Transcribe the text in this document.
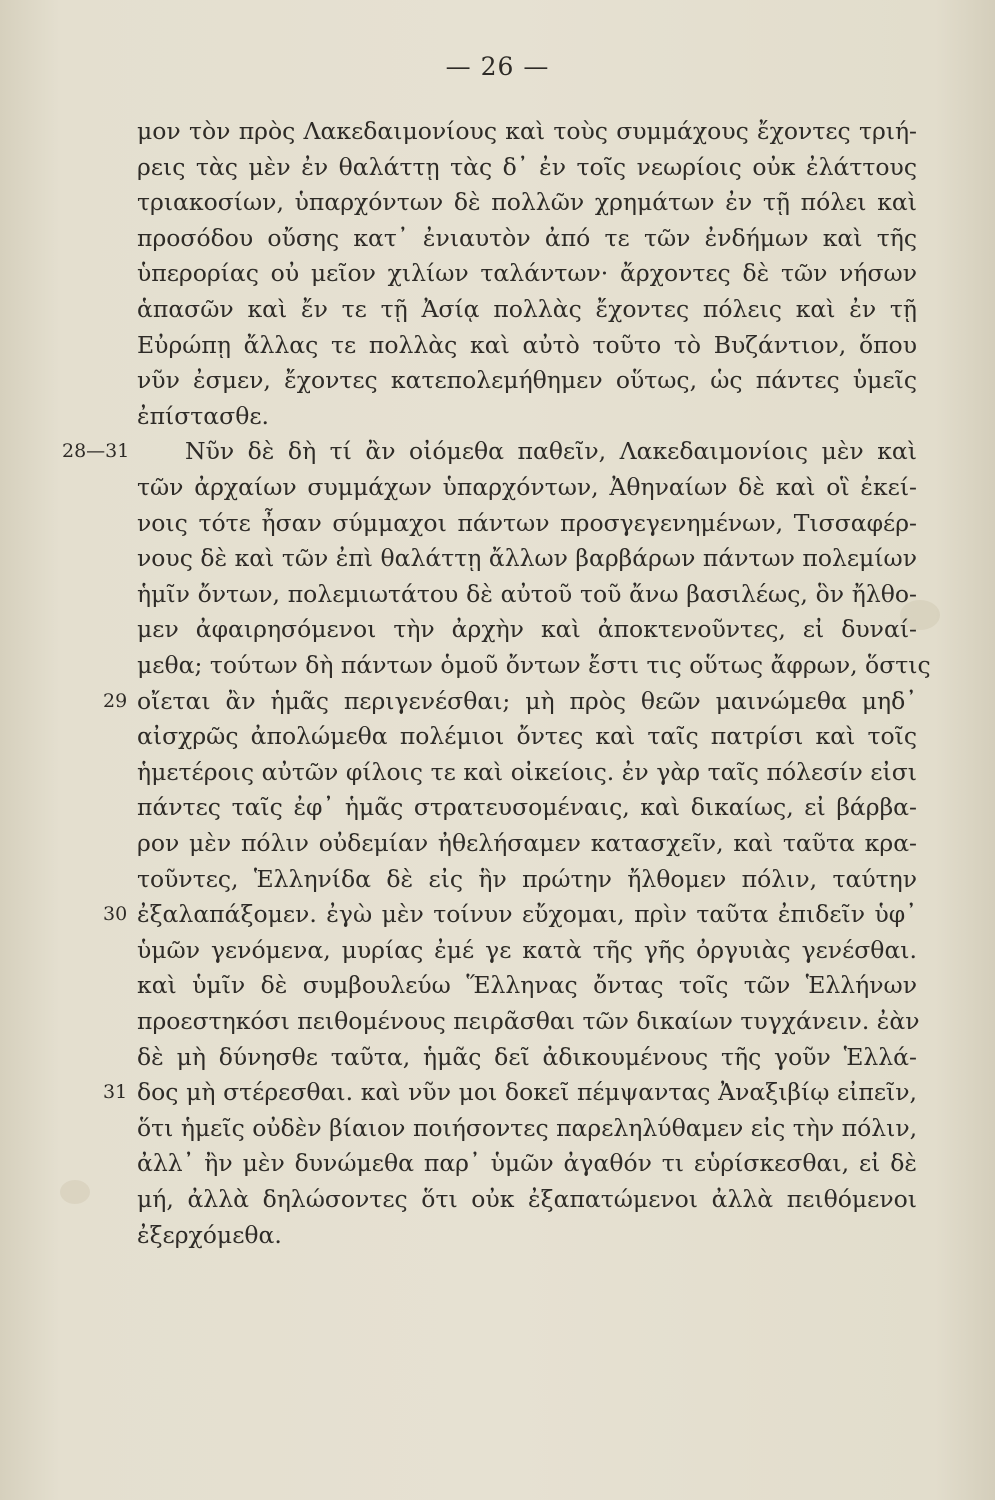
— 26 —
μον τὸν πρὸς Λακεδαιμονίους καὶ τοὺς συμμάχους ἔχοντες τριή-
ρεις τὰς μὲν ἐν θαλάττῃ τὰς δ᾽ ἐν τοῖς νεωρίοις οὐκ ἐλάττους
τριακοσίων, ὑπαρχόντων δὲ πολλῶν χρημάτων ἐν τῇ πόλει καὶ
προσόδου οὔσης κατ᾽ ἐνιαυτὸν ἀπό τε τῶν ἐνδήμων καὶ τῆς
ὑπερορίας οὐ μεῖον χιλίων ταλάντων· ἄρχοντες δὲ τῶν νήσων
ἁπασῶν καὶ ἔν τε τῇ Ἀσίᾳ πολλὰς ἔχοντες πόλεις καὶ ἐν τῇ
Εὐρώπῃ ἄλλας τε πολλὰς καὶ αὐτὸ τοῦτο τὸ Βυζάντιον, ὅπου
νῦν ἐσμεν, ἔχοντες κατεπολεμήθημεν οὕτως, ὡς πάντες ὑμεῖς
ἐπίστασθε.
Νῦν δὲ δὴ τί ἂν οἰόμεθα παθεῖν, Λακεδαιμονίοις μὲν καὶ
τῶν ἀρχαίων συμμάχων ὑπαρχόντων, Ἀθηναίων δὲ καὶ οἳ ἐκεί-
νοις τότε ἦσαν σύμμαχοι πάντων προσγεγενημένων, Τισσαφέρ-
νους δὲ καὶ τῶν ἐπὶ θαλάττῃ ἄλλων βαρβάρων πάντων πολεμίων
ἡμῖν ὄντων, πολεμιωτάτου δὲ αὐτοῦ τοῦ ἄνω βασιλέως, ὃν ἤλθο-
μεν ἀφαιρησόμενοι τὴν ἀρχὴν καὶ ἀποκτενοῦντες, εἰ δυναί-
μεθα; τούτων δὴ πάντων ὁμοῦ ὄντων ἔστι τις οὕτως ἄφρων, ὅστις
οἴεται ἂν ἡμᾶς περιγενέσθαι; μὴ πρὸς θεῶν μαινώμεθα μηδ᾽
αἰσχρῶς ἀπολώμεθα πολέμιοι ὄντες καὶ ταῖς πατρίσι καὶ τοῖς
ἡμετέροις αὐτῶν φίλοις τε καὶ οἰκείοις. ἐν γὰρ ταῖς πόλεσίν εἰσι
πάντες ταῖς ἐφ᾽ ἡμᾶς στρατευσομέναις, καὶ δικαίως, εἰ βάρβα-
ρον μὲν πόλιν οὐδεμίαν ἠθελήσαμεν κατασχεῖν, καὶ ταῦτα κρα-
τοῦντες, Ἑλληνίδα δὲ εἰς ἣν πρώτην ἤλθομεν πόλιν, ταύτην
ἐξαλαπάξομεν. ἐγὼ μὲν τοίνυν εὔχομαι, πρὶν ταῦτα ἐπιδεῖν ὑφ᾽
ὑμῶν γενόμενα, μυρίας ἐμέ γε κατὰ τῆς γῆς ὀργυιὰς γενέσθαι.
καὶ ὑμῖν δὲ συμβουλεύω Ἕλληνας ὄντας τοῖς τῶν Ἑλλήνων
προεστηκόσι πειθομένους πειρᾶσθαι τῶν δικαίων τυγχάνειν. ἐὰν
δὲ μὴ δύνησθε ταῦτα, ἡμᾶς δεῖ ἀδικουμένους τῆς γοῦν Ἑλλά-
δος μὴ στέρεσθαι. καὶ νῦν μοι δοκεῖ πέμψαντας Ἀναξιβίῳ εἰπεῖν,
ὅτι ἡμεῖς οὐδὲν βίαιον ποιήσοντες παρεληλύθαμεν εἰς τὴν πόλιν,
ἀλλ᾽ ἢν μὲν δυνώμεθα παρ᾽ ὑμῶν ἀγαθόν τι εὑρίσκεσθαι, εἰ δὲ
μή, ἀλλὰ δηλώσοντες ὅτι οὐκ ἐξαπατώμενοι ἀλλὰ πειθόμενοι
ἐξερχόμεθα.
28—31
29
30
31
